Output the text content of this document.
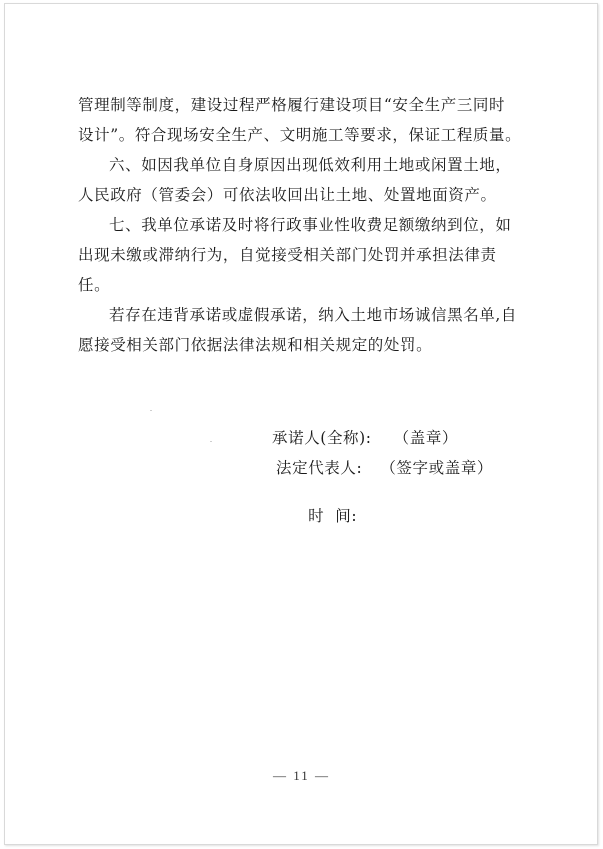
管理制等制度，建设过程严格履行建设项目“安全生产三同时
设计”。符合现场安全生产、文明施工等要求，保证工程质量。

六、如因我单位自身原因出现低效利用土地或闲置土地，
人民政府（管委会）可依法收回出让土地、处置地面资产。

七、我单位承诺及时将行政事业性收费足额缴纳到位，如
出现未缴或滞纳行为，自觉接受相关部门处罚并承担法律责
任。

若存在违背承诺或虚假承诺，纳入土地市场诚信黑名单,自
愿接受相关部门依据法律法规和相关规定的处罚。

承诺人(全称): （盖章）
法定代表人: （签字或盖章）

时  间:

— 11 —
